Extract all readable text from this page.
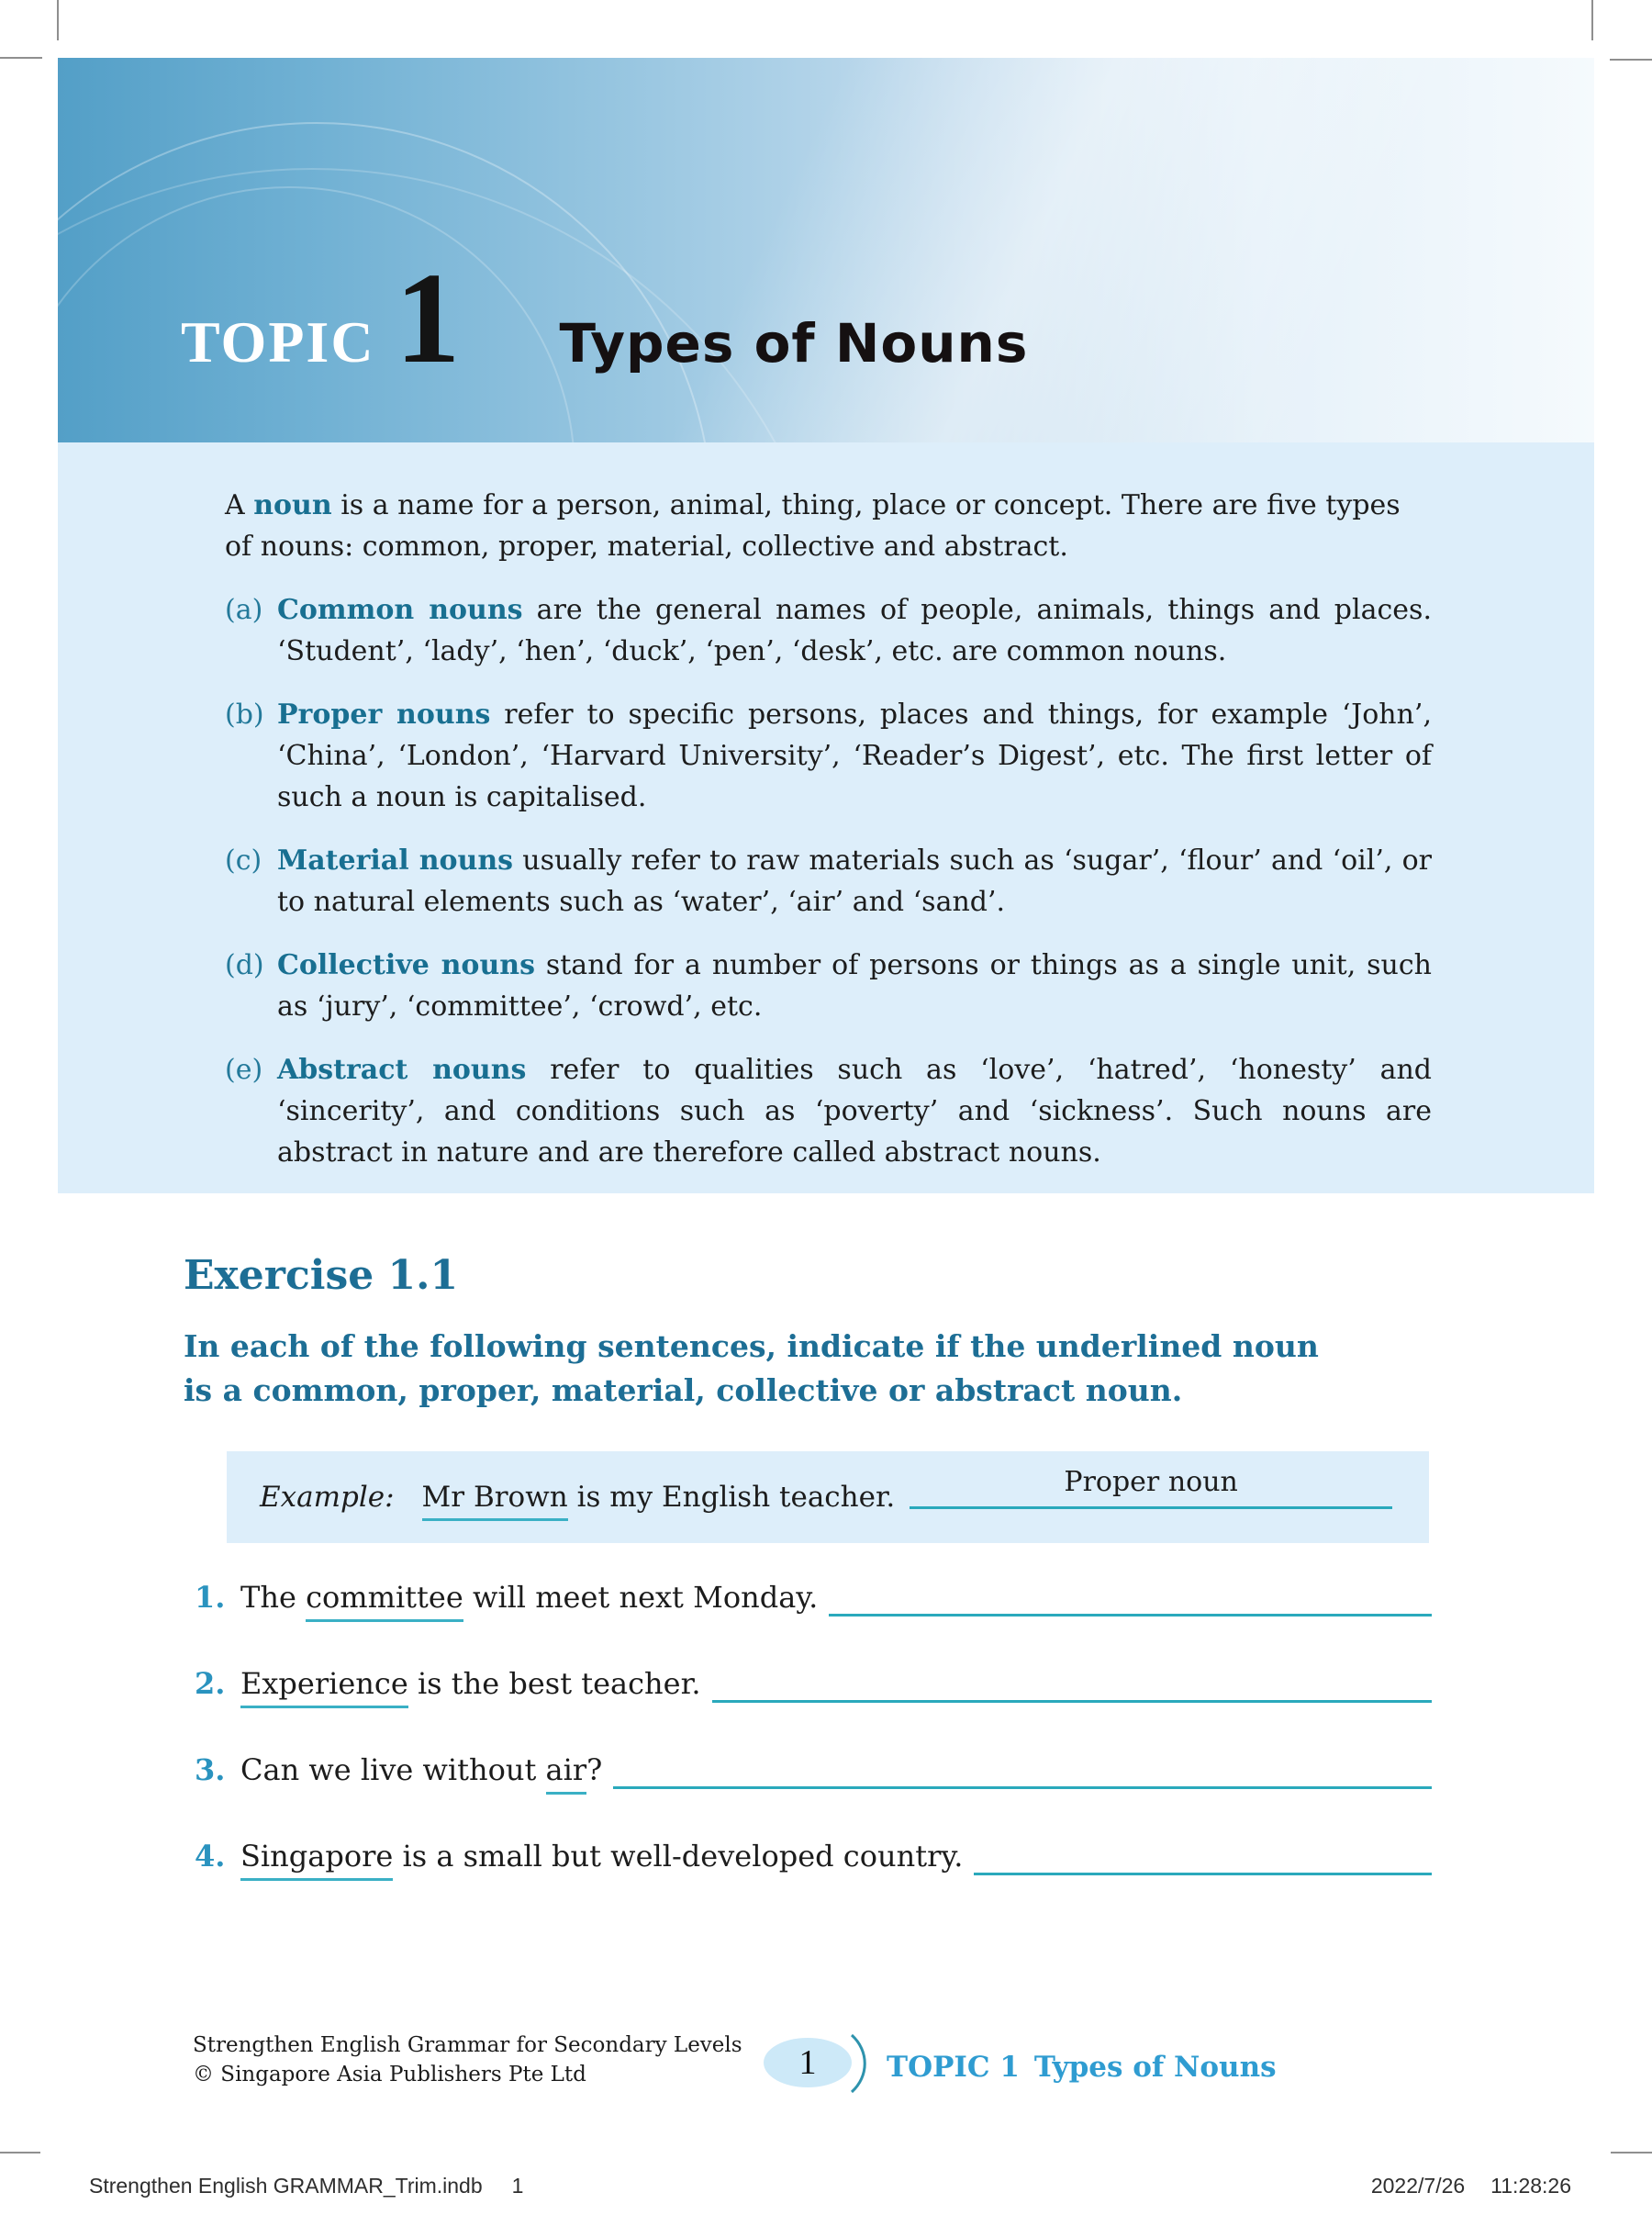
TOPIC 1 Types of Nouns
A noun is a name for a person, animal, thing, place or concept. There are five types of nouns: common, proper, material, collective and abstract.
(a) Common nouns are the general names of people, animals, things and places. ‘Student’, ‘lady’, ‘hen’, ‘duck’, ‘pen’, ‘desk’, etc. are common nouns.
(b) Proper nouns refer to specific persons, places and things, for example ‘John’, ‘China’, ‘London’, ‘Harvard University’, ‘Reader’s Digest’, etc. The first letter of such a noun is capitalised.
(c) Material nouns usually refer to raw materials such as ‘sugar’, ‘flour’ and ‘oil’, or to natural elements such as ‘water’, ‘air’ and ‘sand’.
(d) Collective nouns stand for a number of persons or things as a single unit, such as ‘jury’, ‘committee’, ‘crowd’, etc.
(e) Abstract nouns refer to qualities such as ‘love’, ‘hatred’, ‘honesty’ and ‘sincerity’, and conditions such as ‘poverty’ and ‘sickness’. Such nouns are abstract in nature and are therefore called abstract nouns.
Exercise 1.1
In each of the following sentences, indicate if the underlined noun is a common, proper, material, collective or abstract noun.
Example: Mr Brown is my English teacher.	Proper noun
1. The committee will meet next Monday.
2. Experience is the best teacher.
3. Can we live without air?
4. Singapore is a small but well-developed country.
Strengthen English Grammar for Secondary Levels
© Singapore Asia Publishers Pte Ltd	1	TOPIC 1 Types of Nouns
Strengthen English GRAMMAR_Trim.indb 1	2022/7/26 11:28:26
